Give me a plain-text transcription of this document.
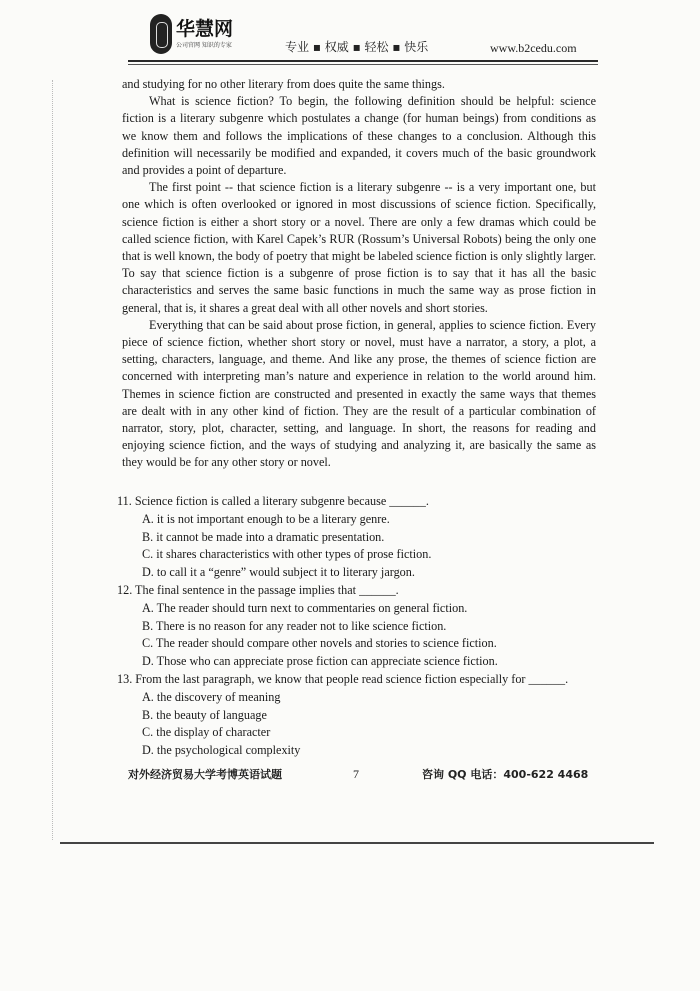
华慧网
公司官网 知识的专家	专业 ▪ 权威 ▪ 轻松 ▪ 快乐	www.b2cedu.com

and studying for no other literary from does quite the same things.

What is science fiction? To begin, the following definition should be helpful: science fiction is a literary subgenre which postulates a change (for human beings) from conditions as we know them and follows the implications of these changes to a conclusion. Although this definition will necessarily be modified and expanded, it covers much of the basic groundwork and provides a point of departure.

The first point -- that science fiction is a literary subgenre -- is a very important one, but one which is often overlooked or ignored in most discussions of science fiction. Specifically, science fiction is either a short story or a novel. There are only a few dramas which could be called science fiction, with Karel Capek’s RUR (Rossum’s Universal Robots) being the only one that is well known, the body of poetry that might be labeled science fiction is only slightly larger. To say that science fiction is a subgenre of prose fiction is to say that it has all the basic characteristics and serves the same basic functions in much the same way as prose fiction in general, that is, it shares a great deal with all other novels and short stories.

Everything that can be said about prose fiction, in general, applies to science fiction. Every piece of science fiction, whether short story or novel, must have a narrator, a story, a plot, a setting, characters, language, and theme. And like any prose, the themes of science fiction are concerned with interpreting man’s nature and experience in relation to the world around him. Themes in science fiction are constructed and presented in exactly the same ways that themes are dealt with in any other kind of fiction. They are the result of a particular combination of narrator, story, plot, character, setting, and language. In short, the reasons for reading and enjoying science fiction, and the ways of studying and analyzing it, are basically the same as they would be for any other story or novel.

11. Science fiction is called a literary subgenre because ______.

A. it is not important enough to be a literary genre.

B. it cannot be made into a dramatic presentation.

C. it shares characteristics with other types of prose fiction.

D. to call it a “genre” would subject it to literary jargon.

12. The final sentence in the passage implies that ______.

A. The reader should turn next to commentaries on general fiction.

B. There is no reason for any reader not to like science fiction.

C. The reader should compare other novels and stories to science fiction.

D. Those who can appreciate prose fiction can appreciate science fiction.

13. From the last paragraph, we know that people read science fiction especially for ______.

A. the discovery of meaning

B. the beauty of language

C. the display of character

D. the psychological complexity

对外经济贸易大学考博英语试题	7	咨询 QQ 电话：400-622 4468
